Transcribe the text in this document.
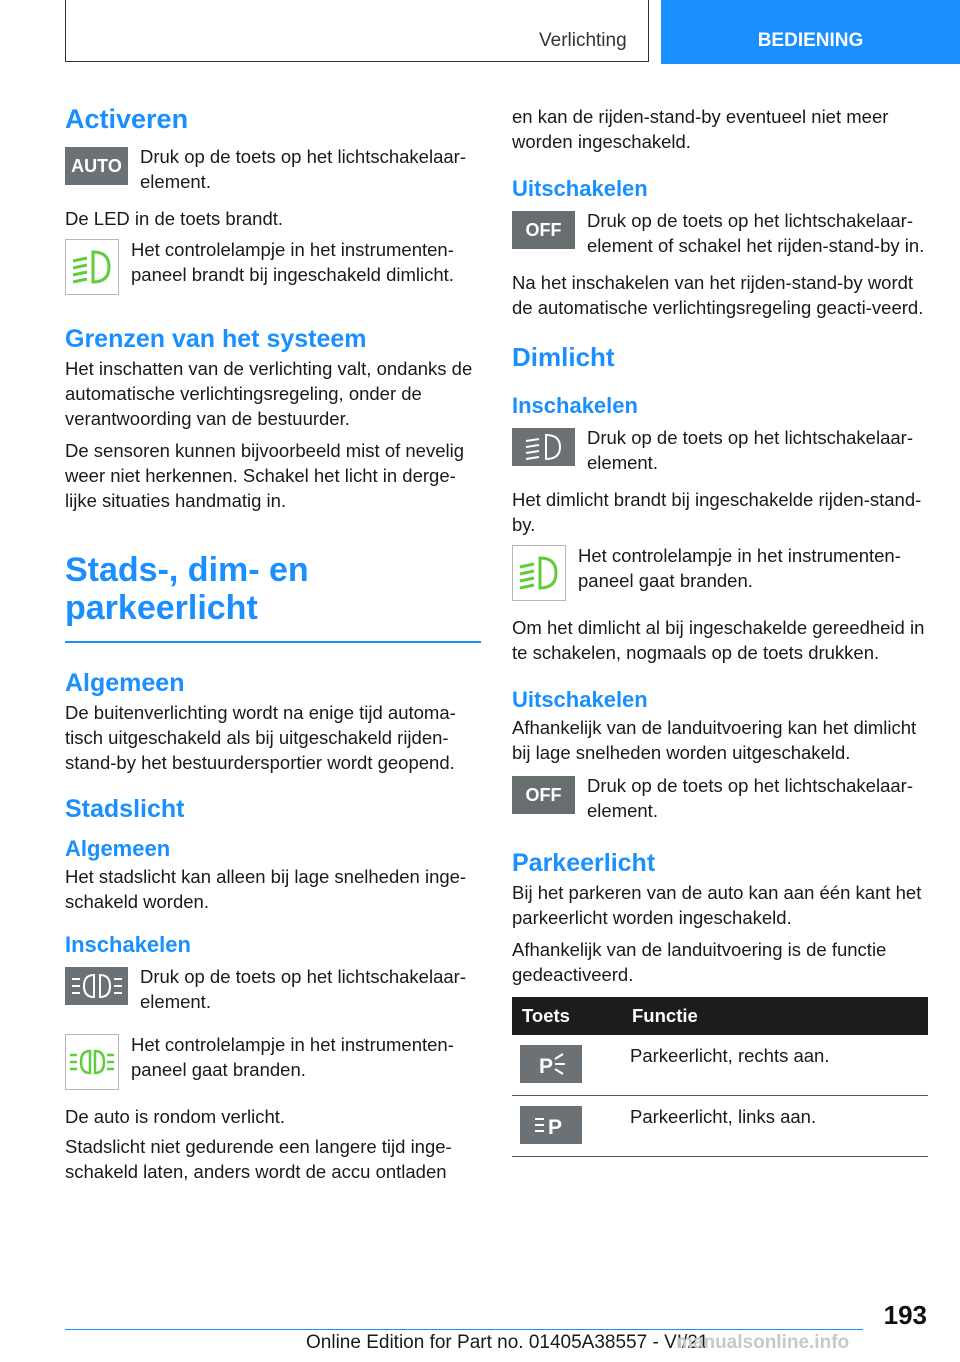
Verlichting	BEDIENING
Activeren
AUTO Druk op de toets op het lichtschakelaar-element.

De LED in de toets brandt.

Het controlelampje in het instrumenten-paneel brandt bij ingeschakeld dimlicht.

Grenzen van het systeem

Het inschatten van de verlichting valt, ondanks de automatische verlichtingsregeling, onder de verantwoording van de bestuurder.

De sensoren kunnen bijvoorbeeld mist of nevelig weer niet herkennen. Schakel het licht in derge-lijke situaties handmatig in.

Stads-, dim- en
parkeerlicht
Algemeen

De buitenverlichting wordt na enige tijd automa-tisch uitgeschakeld als bij uitgeschakeld rijden-stand-by het bestuurdersportier wordt geopend.

Stadslicht
Algemeen

Het stadslicht kan alleen bij lage snelheden inge-schakeld worden.

Inschakelen

Druk op de toets op het lichtschakelaar-element.

Het controlelampje in het instrumenten-paneel gaat branden.

De auto is rondom verlicht.

Stadslicht niet gedurende een langere tijd inge-schakeld laten, anders wordt de accu ontladen

en kan de rijden-stand-by eventueel niet meer worden ingeschakeld.

Uitschakelen
OFF	Druk op de toets op het lichtschakelaar-element of schakel het rijden-stand-by in.

Na het inschakelen van het rijden-stand-by wordt de automatische verlichtingsregeling geacti-veerd.

Dimlicht
Inschakelen

Druk op de toets op het lichtschakelaar-element.

Het dimlicht brandt bij ingeschakelde rijden-stand-by.

Het controlelampje in het instrumenten-paneel gaat branden.

Om het dimlicht al bij ingeschakelde gereedheid in te schakelen, nogmaals op de toets drukken.

Uitschakelen

Afhankelijk van de landuitvoering kan het dimlicht bij lage snelheden worden uitgeschakeld.

OFF	Druk op de toets op het lichtschakelaar-element.

Parkeerlicht

Bij het parkeren van de auto kan aan één kant het parkeerlicht worden ingeschakeld.

Afhankelijk van de landuitvoering is de functie gedeactiveerd.

Toets	Functie

P	Parkeerlicht, rechts aan.

P	Parkeerlicht, links aan.
193
Online Edition for Part no. 01405A38557 - VI/21
manualsonline.info
